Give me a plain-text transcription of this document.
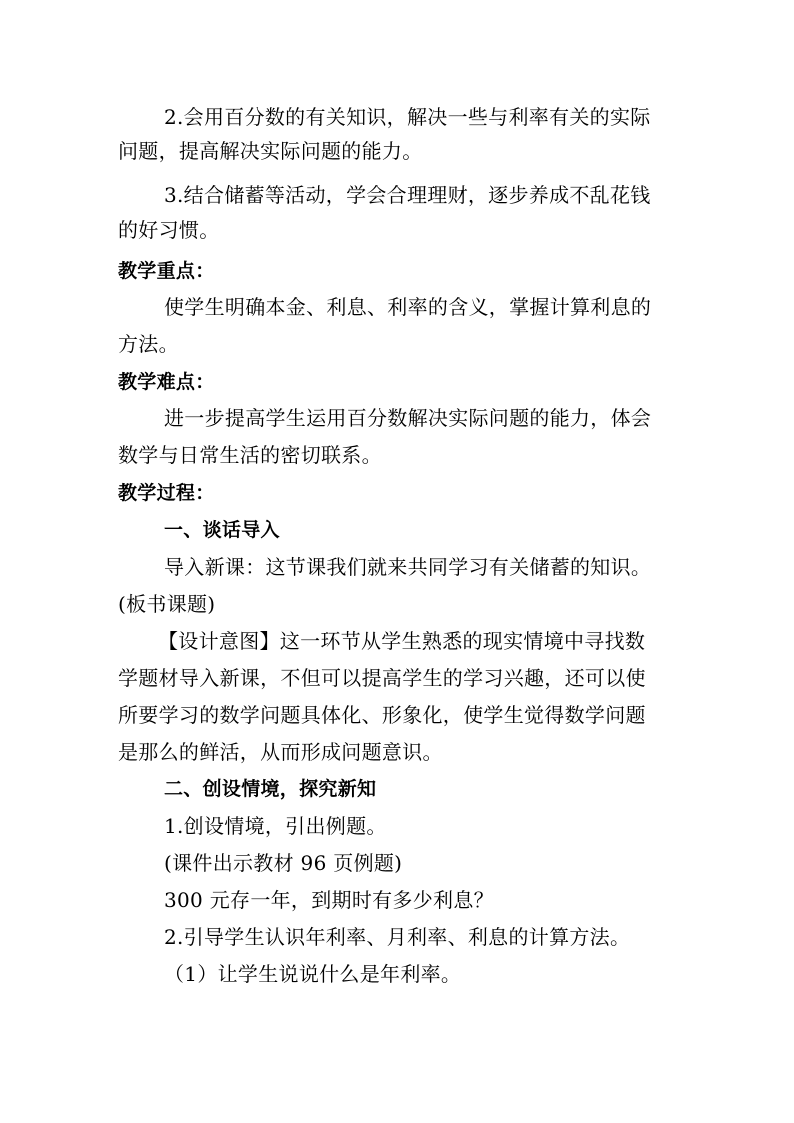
2.会用百分数的有关知识，解决一些与利率有关的实际
问题，提高解决实际问题的能力。
3.结合储蓄等活动，学会合理理财，逐步养成不乱花钱
的好习惯。
教学重点：
使学生明确本金、利息、利率的含义，掌握计算利息的
方法。
教学难点：
进一步提高学生运用百分数解决实际问题的能力，体会
数学与日常生活的密切联系。
教学过程：
一、谈话导入
导入新课：这节课我们就来共同学习有关储蓄的知识。
(板书课题)
【设计意图】这一环节从学生熟悉的现实情境中寻找数
学题材导入新课，不但可以提高学生的学习兴趣，还可以使
所要学习的数学问题具体化、形象化，使学生觉得数学问题
是那么的鲜活，从而形成问题意识。
二、创设情境，探究新知
1.创设情境，引出例题。
(课件出示教材 96 页例题)
300 元存一年，到期时有多少利息？
2.引导学生认识年利率、月利率、利息的计算方法。
（1）让学生说说什么是年利率。
